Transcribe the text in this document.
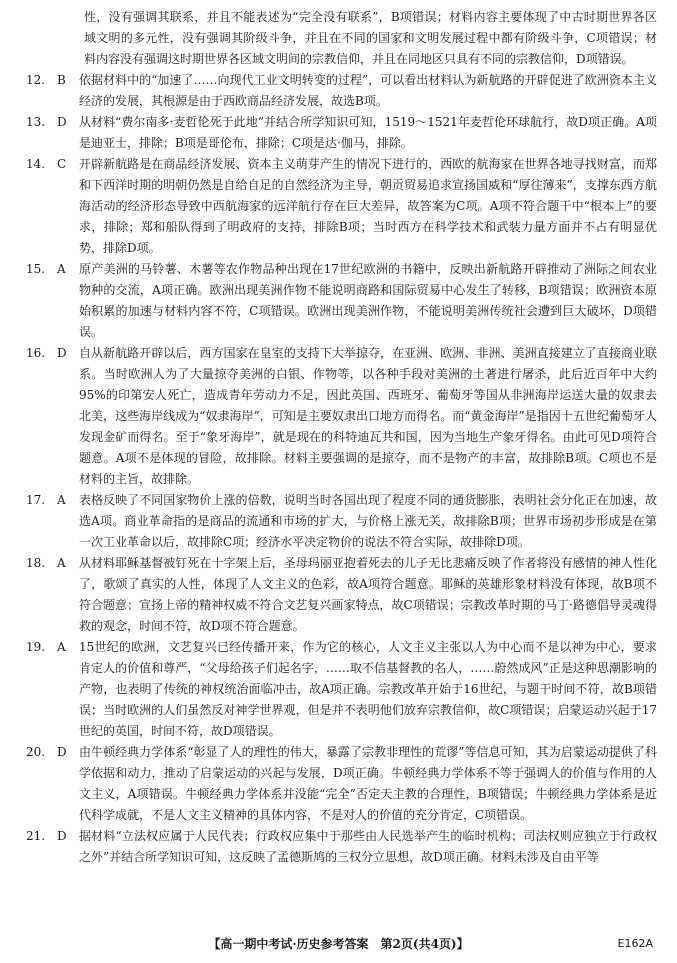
性，没有强调其联系，并且不能表述为“完全没有联系”，B项错误；材料内容主要体现了中古时期世界各区域文明的多元性，没有强调其阶级斗争，并且在不同的国家和文明发展过程中都有阶级斗争，C项错误；材料内容没有强调这时期世界各区域文明间的宗教信仰，并且在同地区只具有不同的宗教信仰，D项错误。

12. B	依据材料中的“加速了……向现代工业文明转变的过程”，可以看出材料认为新航路的开辟促进了欧洲资本主义经济的发展，其根源是由于西欧商品经济发展，故选B项。
13. D	从材料“费尔南多·麦哲伦死于此地”并结合所学知识可知，1519～1521年麦哲伦环球航行，故D项正确。A项是迪亚士，排除；B项是哥伦布，排除；C项是达·伽马，排除。
14. C	开辟新航路是在商品经济发展、资本主义萌芽产生的情况下进行的，西欧的航海家在世界各地寻找财富，而郑和下西洋时期的明朝仍然是自给自足的自然经济为主导，朝贡贸易追求宣扬国威和“厚往薄来”，支撑东西方航海活动的经济形态导致中西航海家的远洋航行存在巨大差异，故答案为C项。A项不符合题干中“根本上”的要求，排除；郑和船队得到了明政府的支持，排除B项；当时西方在科学技术和武装力量方面并不占有明显优势，排除D项。
15. A	原产美洲的马铃薯、木薯等农作物品种出现在17世纪欧洲的书籍中，反映出新航路开辟推动了洲际之间农业物种的交流，A项正确。欧洲出现美洲作物不能说明商路和国际贸易中心发生了转移，B项错误；欧洲资本原始积累的加速与材料内容不符，C项错误。欧洲出现美洲作物，不能说明美洲传统社会遭到巨大破坏，D项错误。
16. D	自从新航路开辟以后，西方国家在皇室的支持下大举掠夺，在亚洲、欧洲、非洲、美洲直接建立了直接商业联系。当时欧洲人为了大量掠夺美洲的白银、作物等，以各种手段对美洲的土著进行屠杀，此后近百年中大约95%的印第安人死亡，造成青年劳动力不足，因此英国、西班牙、葡萄牙等国从非洲海岸运送大量的奴隶去北美，这些海岸线成为“奴隶海岸”，可知是主要奴隶出口地方而得名。而“黄金海岸”是指因十五世纪葡萄牙人发现金矿而得名。至于“象牙海岸”，就是现在的科特迪瓦共和国，因为当地生产象牙得名。由此可见D项符合题意。A项不是体现的冒险，故排除。材料主要强调的是掠夺，而不是物产的丰富，故排除B项。C项也不是材料的主旨，故排除。
17. A	表格反映了不同国家物价上涨的倍数，说明当时各国出现了程度不同的通货膨胀，表明社会分化正在加速，故选A项。商业革命指的是商品的流通和市场的扩大，与价格上涨无关，故排除B项；世界市场初步形成是在第一次工业革命以后，故排除C项；经济水平决定物价的说法不符合实际，故排除D项。
18. A	从材料耶稣基督被钉死在十字架上后，圣母玛丽亚抱着死去的儿子无比悲痛反映了作者将没有感情的神人性化了，歌颂了真实的人性，体现了人文主义的色彩，故A项符合题意。耶稣的英雄形象材料没有体现，故B项不符合题意；宣扬上帝的精神权威不符合文艺复兴画家特点，故C项错误；宗教改革时期的马丁·路德倡导灵魂得救的观念，时间不符，故D项不符合题意。
19. A	15世纪的欧洲，文艺复兴已经传播开来，作为它的核心，人文主义主张以人为中心而不是以神为中心，要求肯定人的价值和尊严，“父母给孩子们起名字，……取不信基督教的名人，……蔚然成风”正是这种思潮影响的产物，也表明了传统的神权统治面临冲击，故A项正确。宗教改革开始于16世纪，与题干时间不符，故B项错误；当时欧洲的人们虽然反对神学世界观，但是并不表明他们放弃宗教信仰，故C项错误；启蒙运动兴起于17世纪的英国，时间不符，故D项错误。
20. D	由牛顿经典力学体系“彰显了人的理性的伟大，暴露了宗教非理性的荒谬”等信息可知，其为启蒙运动提供了科学依据和动力，推动了启蒙运动的兴起与发展，D项正确。牛顿经典力学体系不等于强调人的价值与作用的人文主义，A项错误。牛顿经典力学体系并没能“完全”否定天主教的合理性，B项错误；牛顿经典力学体系是近代科学成就，不是人文主义精神的具体内容，不是对人的价值的充分肯定，C项错误。
21. D	据材料“立法权应属于人民代表；行政权应集中于那些由人民选举产生的临时机构；司法权则应独立于行政权之外”并结合所学知识可知，这反映了孟德斯鸠的三权分立思想，故D项正确。材料未涉及自由平等
【高一期中考试·历史参考答案　第2页(共4页)】	E162A
